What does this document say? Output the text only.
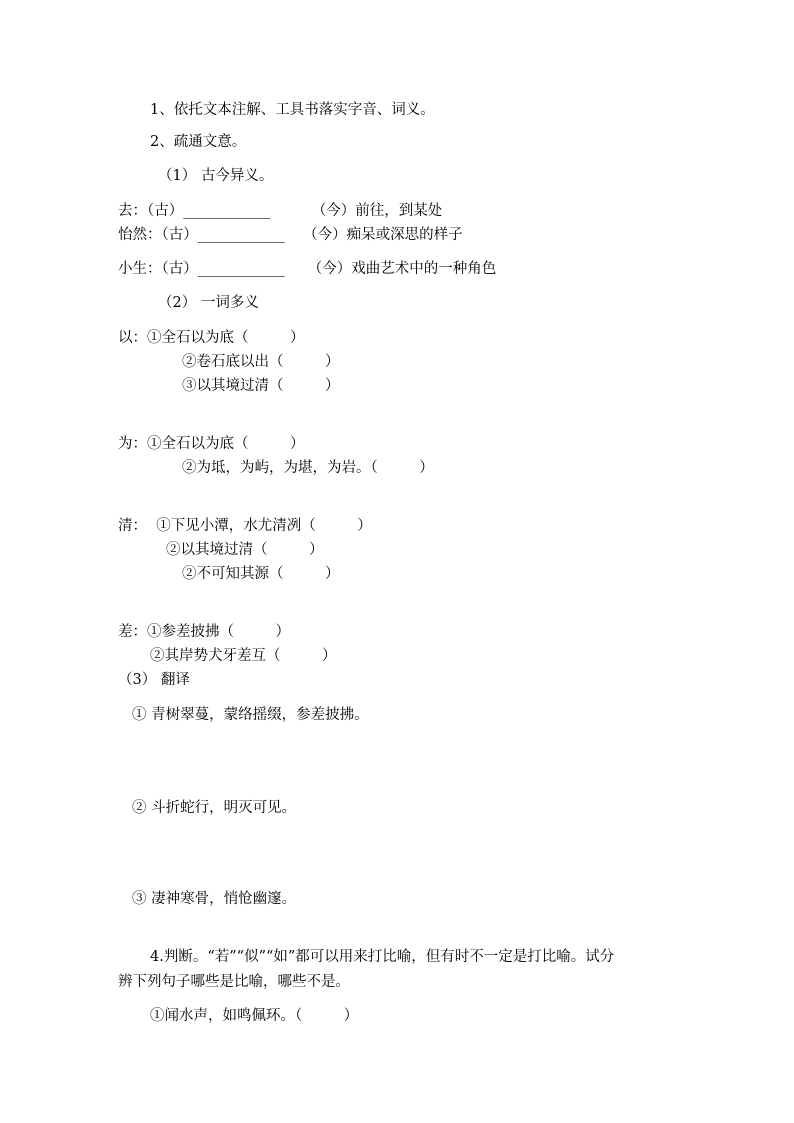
1、依托文本注解、工具书落实字音、词义。
2、疏通文意。
（1） 古今异义。
去：（古）____________         （今）前往，到某处
怡然：（古）____________    （今）痴呆或深思的样子
小生：（古）____________     （今）戏曲艺术中的一种角色
（2） 一词多义
以：①全石以为底（         ）
②卷石底以出（         ）
③以其境过清（         ）
为：①全石以为底（         ）
②为坻，为屿，为堪，为岩。（         ）
清：  ①下见小潭，水尤清冽（         ）
②以其境过清（         ）
②不可知其源（         ）
差：①参差披拂（         ）
②其岸势犬牙差互（         ）
（3） 翻译
① 青树翠蔓，蒙络摇缀，参差披拂。
② 斗折蛇行，明灭可见。
③ 凄神寒骨，悄怆幽邃。
4.判断。“若”“似”“如”都可以用来打比喻，但有时不一定是打比喻。试分
辨下列句子哪些是比喻，哪些不是。
①闻水声，如鸣佩环。（         ）
